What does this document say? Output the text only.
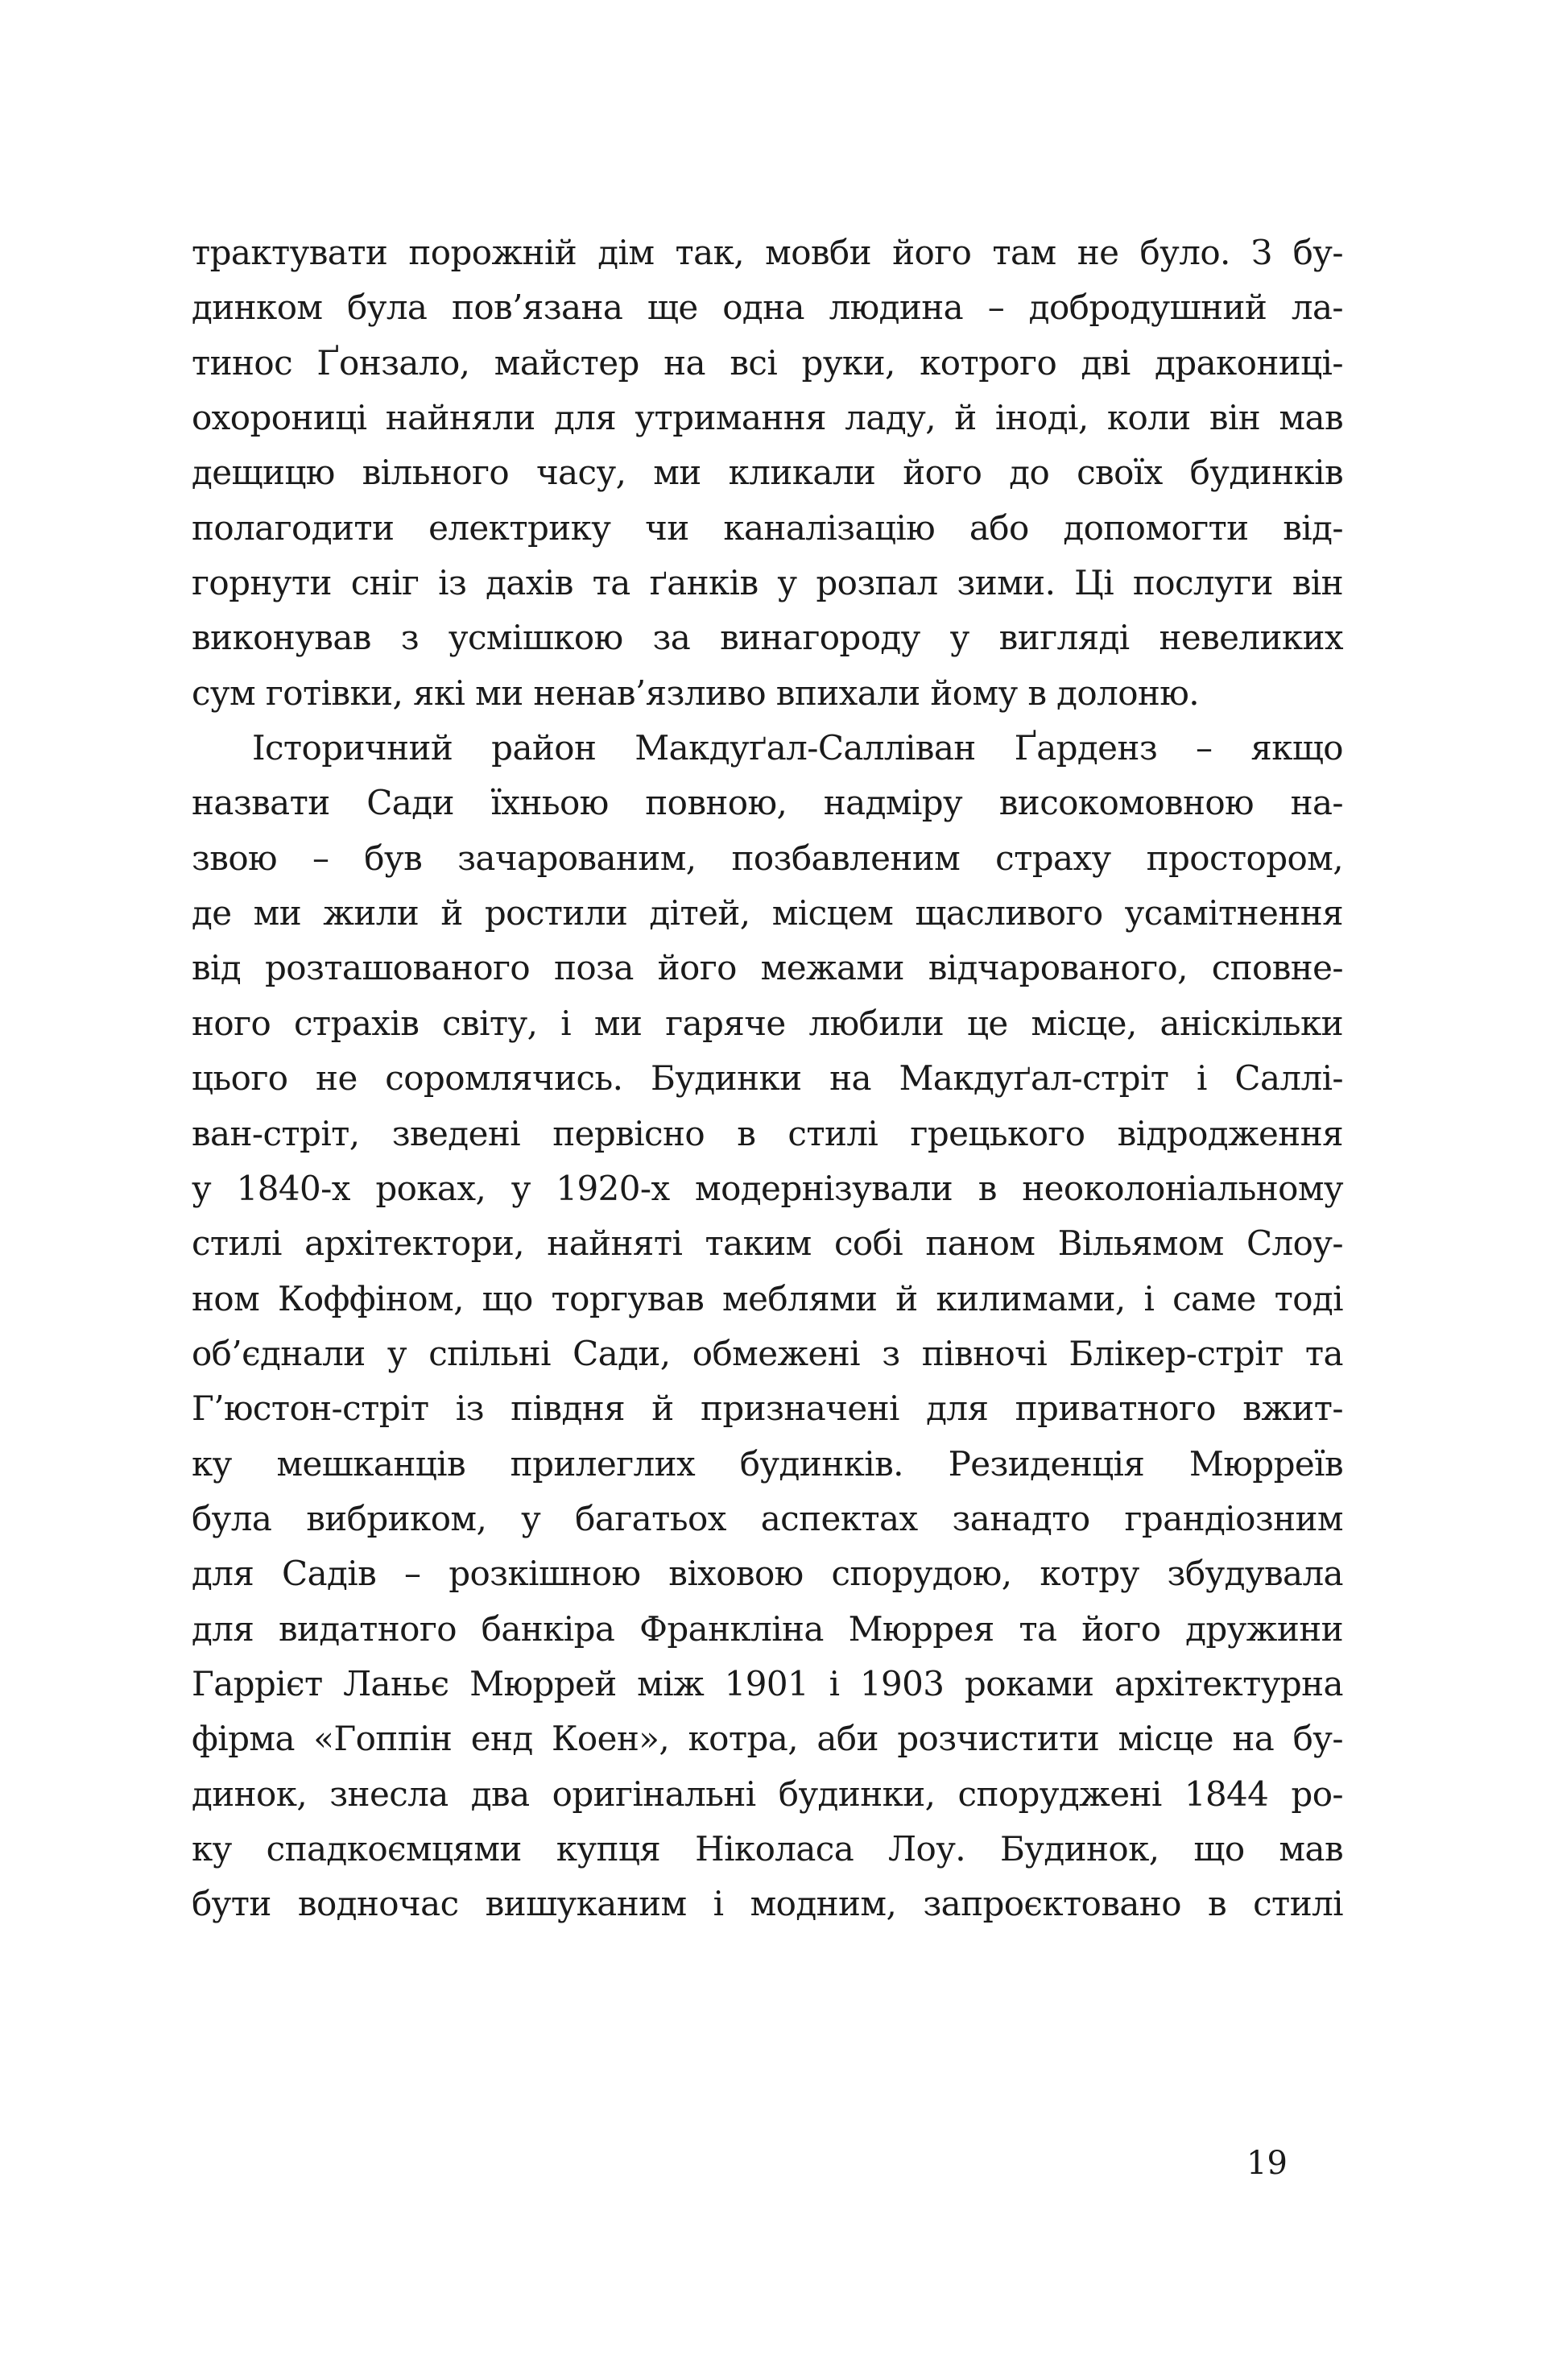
трактувати порожній дім так, мовби його там не було. З бу-
динком була пов’язана ще одна людина – добродушний ла-
тинос Ґонзало, майстер на всі руки, котрого дві драконицi-
охорониці найняли для утримання ладу, й іноді, коли він мав
дещицю вільного часу, ми кликали його до своїх будинків
полагодити електрику чи каналізацію або допомогти від-
горнути сніг із дахів та ґанків у розпал зими. Ці послуги він
виконував з усмішкою за винагороду у вигляді невеликих
сум готівки, які ми ненав’язливо впихали йому в долоню.
Історичний район Макдуґал-Салліван Ґарденз – якщо
назвати Сади їхньою повною, надміру високомовною на-
звою – був зачарованим, позбавленим страху простором,
де ми жили й ростили дітей, місцем щасливого усамітнення
від розташованого поза його межами відчарованого, сповне-
ного страхів світу, і ми гаряче любили це місце, аніскільки
цього не соромлячись. Будинки на Макдуґал-стріт і Саллі-
ван-стріт, зведені первісно в стилі грецького відродження
у 1840-х роках, у 1920-х модернізували в неоколоніальному
стилі архітектори, найняті таким собі паном Вільямом Слоу-
ном Коффіном, що торгував меблями й килимами, і саме тоді
об’єднали у спільні Сади, обмежені з півночі Блікер-стріт та
Г’юстон-стріт із півдня й призначені для приватного вжит-
ку мешканців прилеглих будинків. Резиденція Мюрреїв
була вибриком, у багатьох аспектах занадто грандіозним
для Садів – розкішною віховою спорудою, котру збудувала
для видатного банкіра Франкліна Мюррея та його дружини
Гаррієт Ланьє Мюррей між 1901 і 1903 роками архітектурна
фірма «Гоппін енд Коен», котра, аби розчистити місце на бу-
динок, знесла два оригінальні будинки, споруджені 1844 ро-
ку спадкоємцями купця Ніколаса Лоу. Будинок, що мав
бути водночас вишуканим і модним, запроєктовано в стилі
19
